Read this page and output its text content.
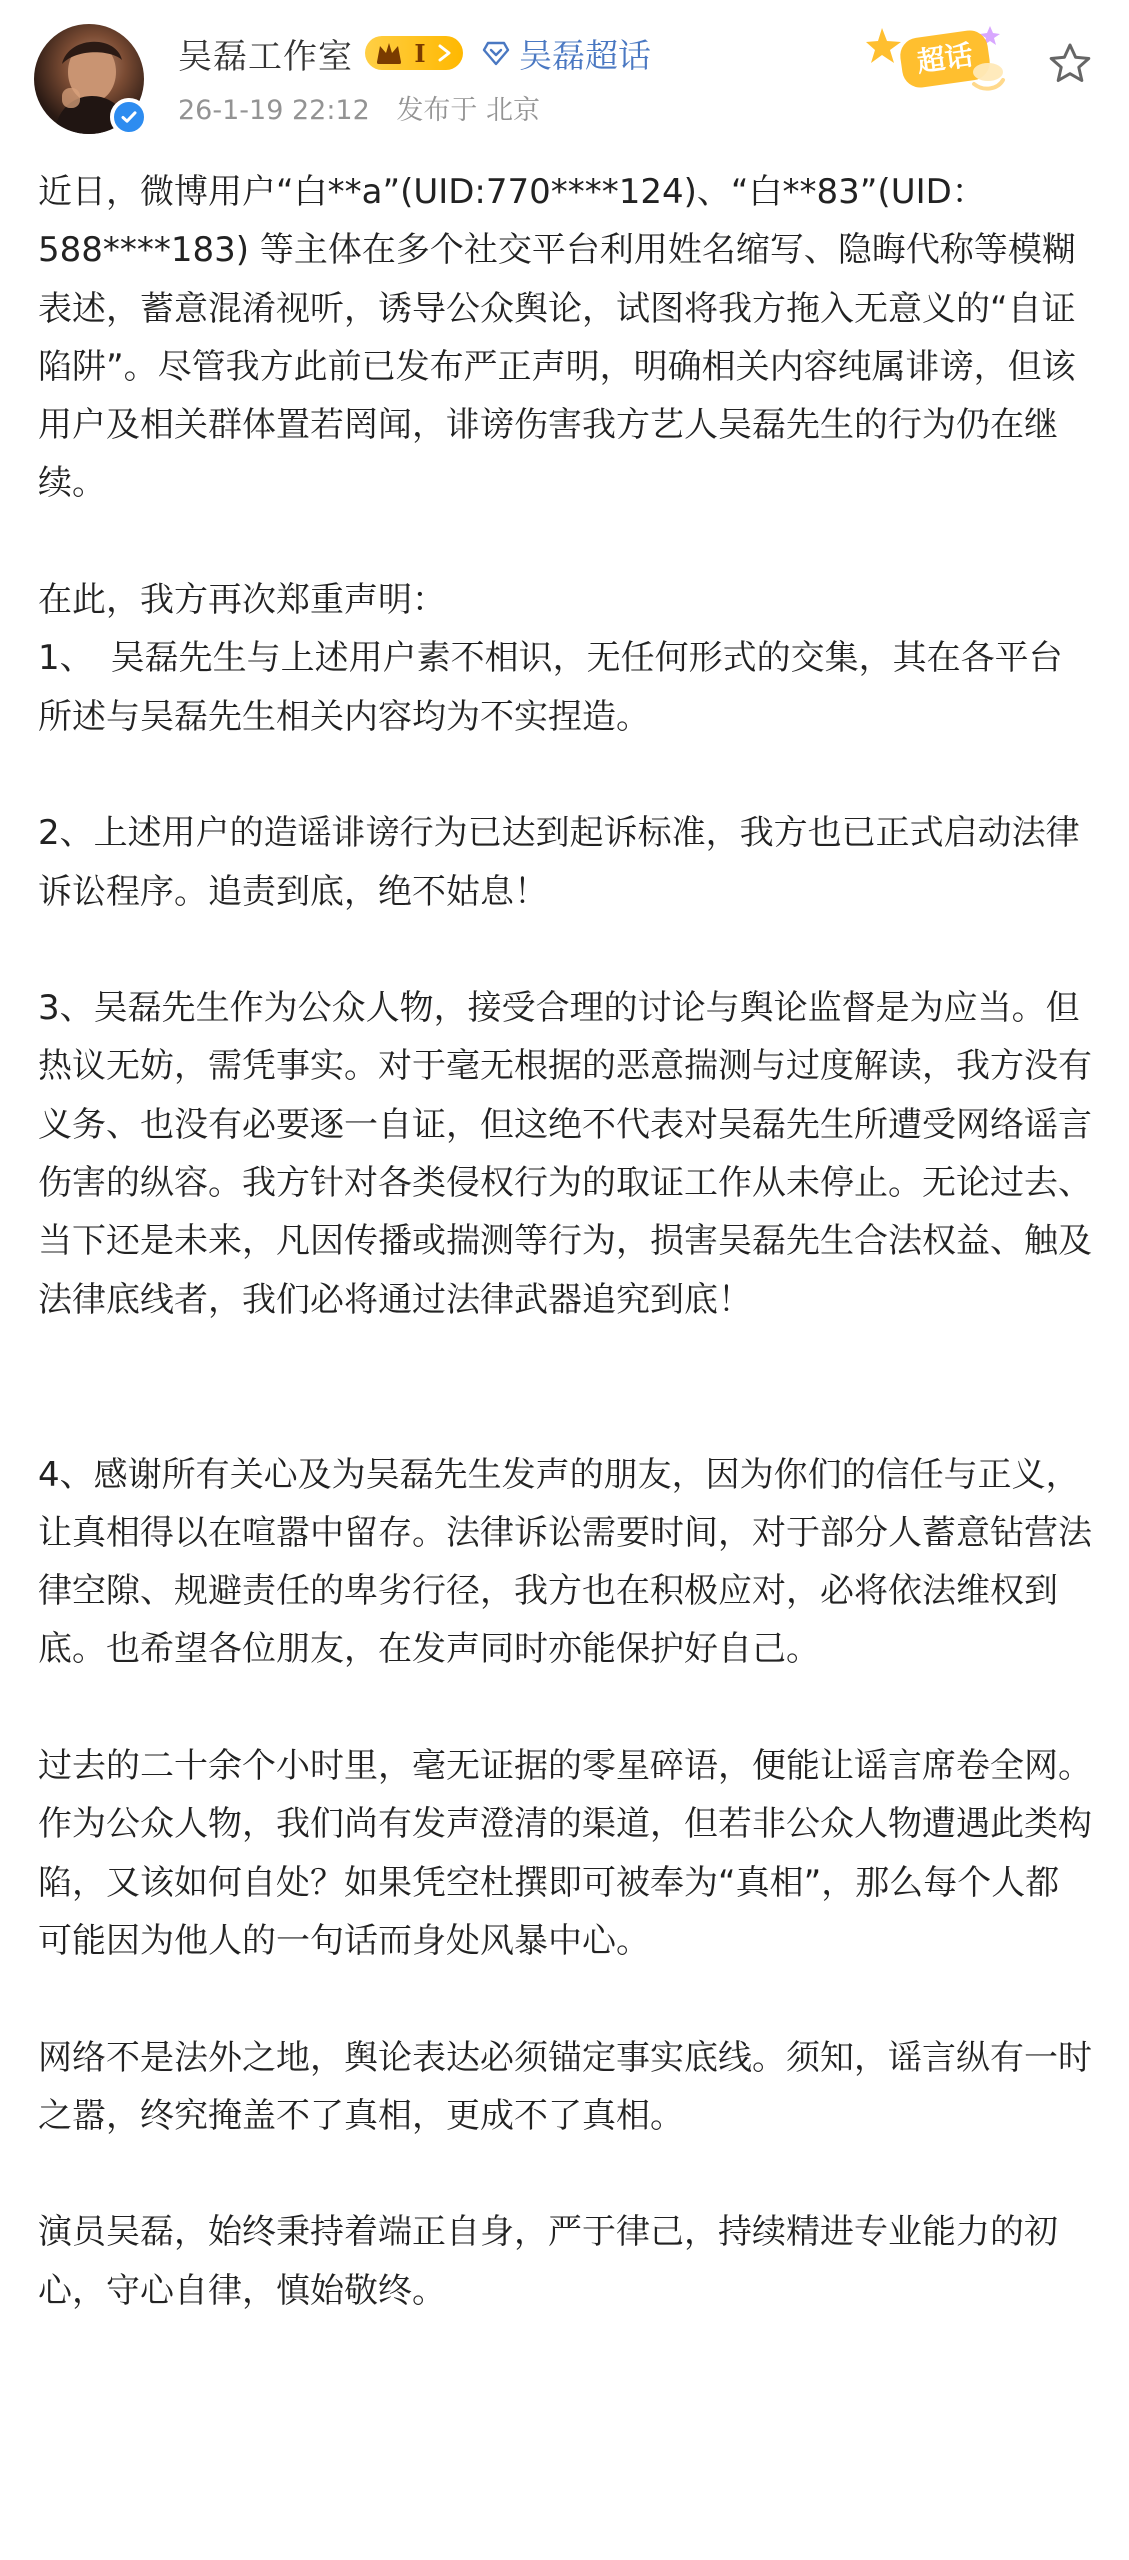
吴磊工作室	I	吴磊超话
26-1-19 22:12 发布于 北京
超话

近日，微博用户“白**a”(UID:770****124)、“白**83”(UID：588****183) 等主体在多个社交平台利用姓名缩写、隐晦代称等模糊表述，蓄意混淆视听，诱导公众舆论，试图将我方拖入无意义的“自证陷阱”。尽管我方此前已发布严正声明，明确相关内容纯属诽谤，但该用户及相关群体置若罔闻，诽谤伤害我方艺人吴磊先生的行为仍在继续。

在此，我方再次郑重声明：

1、　吴磊先生与上述用户素不相识，无任何形式的交集，其在各平台所述与吴磊先生相关内容均为不实捏造。

2、上述用户的造谣诽谤行为已达到起诉标准，我方也已正式启动法律诉讼程序。追责到底，绝不姑息！

3、吴磊先生作为公众人物，接受合理的讨论与舆论监督是为应当。但热议无妨，需凭事实。对于毫无根据的恶意揣测与过度解读，我方没有义务、也没有必要逐一自证，但这绝不代表对吴磊先生所遭受网络谣言伤害的纵容。我方针对各类侵权行为的取证工作从未停止。无论过去、当下还是未来，凡因传播或揣测等行为，损害吴磊先生合法权益、触及法律底线者，我们必将通过法律武器追究到底！

4、感谢所有关心及为吴磊先生发声的朋友，因为你们的信任与正义，让真相得以在喧嚣中留存。法律诉讼需要时间，对于部分人蓄意钻营法律空隙、规避责任的卑劣行径，我方也在积极应对，必将依法维权到底。也希望各位朋友，在发声同时亦能保护好自己。

过去的二十余个小时里，毫无证据的零星碎语，便能让谣言席卷全网。作为公众人物，我们尚有发声澄清的渠道，但若非公众人物遭遇此类构陷，又该如何自处？如果凭空杜撰即可被奉为“真相”，那么每个人都可能因为他人的一句话而身处风暴中心。

网络不是法外之地，舆论表达必须锚定事实底线。须知，谣言纵有一时之嚣，终究掩盖不了真相，更成不了真相。

演员吴磊，始终秉持着端正自身，严于律己，持续精进专业能力的初心，守心自律，慎始敬终。
